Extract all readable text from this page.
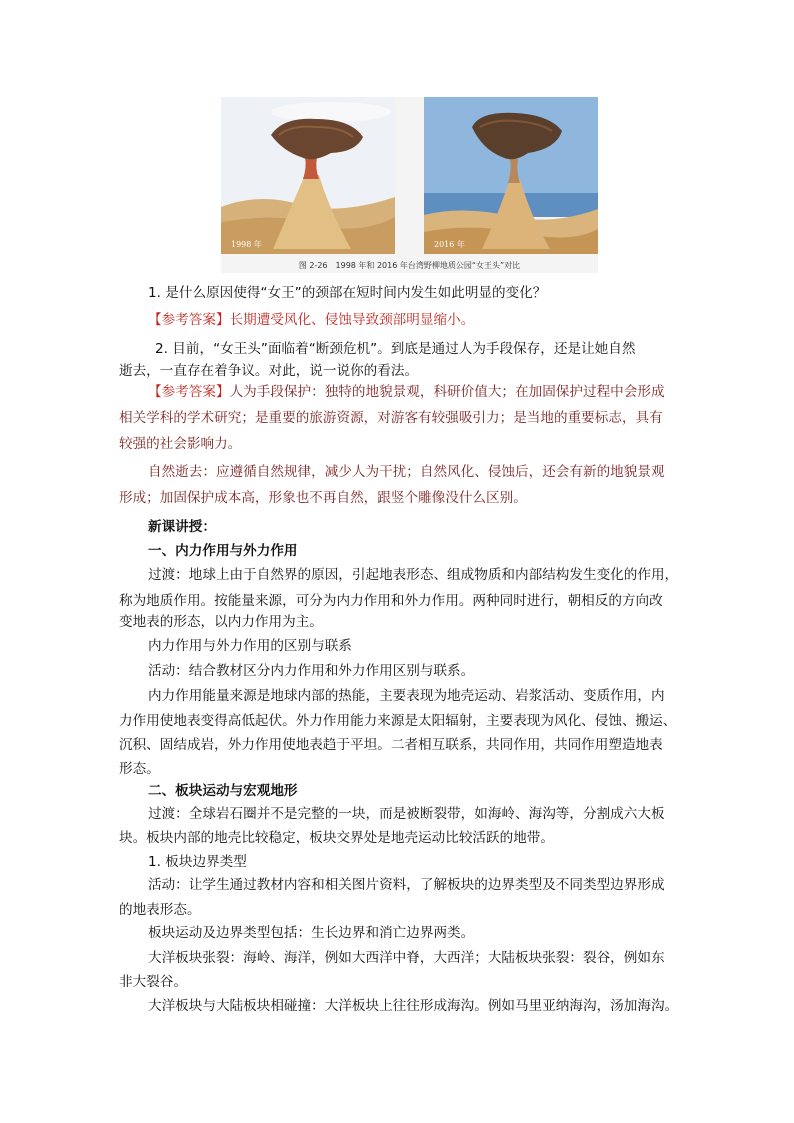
1998 年	2016 年
图 2-26　1998 年和 2016 年台湾野柳地质公园“女王头”对比

1. 是什么原因使得“女王”的颈部在短时间内发生如此明显的变化？

【参考答案】长期遭受风化、侵蚀导致颈部明显缩小。

2. 目前，“女王头”面临着“断颈危机”。到底是通过人为手段保存，还是让她自然

逝去，一直存在着争议。对此，说一说你的看法。

【参考答案】人为手段保护：独特的地貌景观，科研价值大；在加固保护过程中会形成

相关学科的学术研究；是重要的旅游资源，对游客有较强吸引力；是当地的重要标志，具有

较强的社会影响力。

自然逝去：应遵循自然规律，减少人为干扰；自然风化、侵蚀后，还会有新的地貌景观

形成；加固保护成本高，形象也不再自然，跟竖个雕像没什么区别。

新课讲授：

一、内力作用与外力作用

过渡：地球上由于自然界的原因，引起地表形态、组成物质和内部结构发生变化的作用，

称为地质作用。按能量来源，可分为内力作用和外力作用。两种同时进行，朝相反的方向改

变地表的形态，以内力作用为主。

内力作用与外力作用的区别与联系

活动：结合教材区分内力作用和外力作用区别与联系。

内力作用能量来源是地球内部的热能，主要表现为地壳运动、岩浆活动、变质作用，内

力作用使地表变得高低起伏。外力作用能力来源是太阳辐射，主要表现为风化、侵蚀、搬运、

沉积、固结成岩，外力作用使地表趋于平坦。二者相互联系，共同作用，共同作用塑造地表

形态。

二、板块运动与宏观地形

过渡：全球岩石圈并不是完整的一块，而是被断裂带，如海岭、海沟等，分割成六大板

块。板块内部的地壳比较稳定，板块交界处是地壳运动比较活跃的地带。

1. 板块边界类型

活动：让学生通过教材内容和相关图片资料，了解板块的边界类型及不同类型边界形成

的地表形态。

板块运动及边界类型包括：生长边界和消亡边界两类。

大洋板块张裂：海岭、海洋，例如大西洋中脊，大西洋；大陆板块张裂：裂谷，例如东

非大裂谷。

大洋板块与大陆板块相碰撞：大洋板块上往往形成海沟。例如马里亚纳海沟，汤加海沟。
